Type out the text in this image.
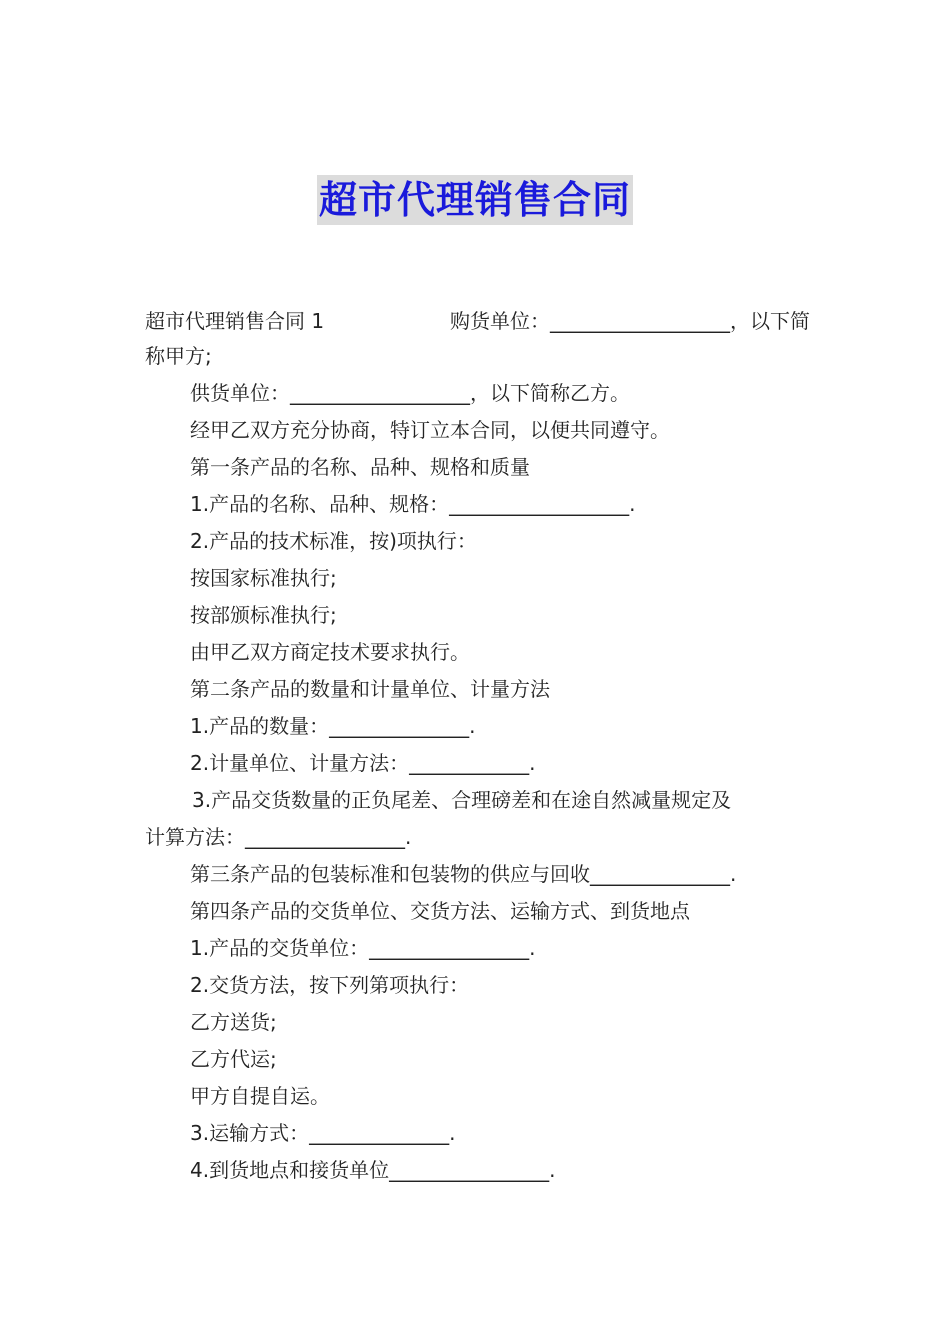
超市代理销售合同
超市代理销售合同 1	购货单位：__________________，以下简
称甲方;

供货单位：__________________，以下简称乙方。

经甲乙双方充分协商，特订立本合同，以便共同遵守。

第一条产品的名称、品种、规格和质量

1.产品的名称、品种、规格：__________________.

2.产品的技术标准，按)项执行：

按国家标准执行;

按部颁标准执行;

由甲乙双方商定技术要求执行。

第二条产品的数量和计量单位、计量方法

1.产品的数量：______________.

2.计量单位、计量方法：____________.

3.产品交货数量的正负尾差、合理磅差和在途自然减量规定及
计算方法：________________.

第三条产品的包装标准和包装物的供应与回收______________.

第四条产品的交货单位、交货方法、运输方式、到货地点

1.产品的交货单位：________________.

2.交货方法，按下列第项执行：

乙方送货;

乙方代运;

甲方自提自运。

3.运输方式：______________.

4.到货地点和接货单位________________.
